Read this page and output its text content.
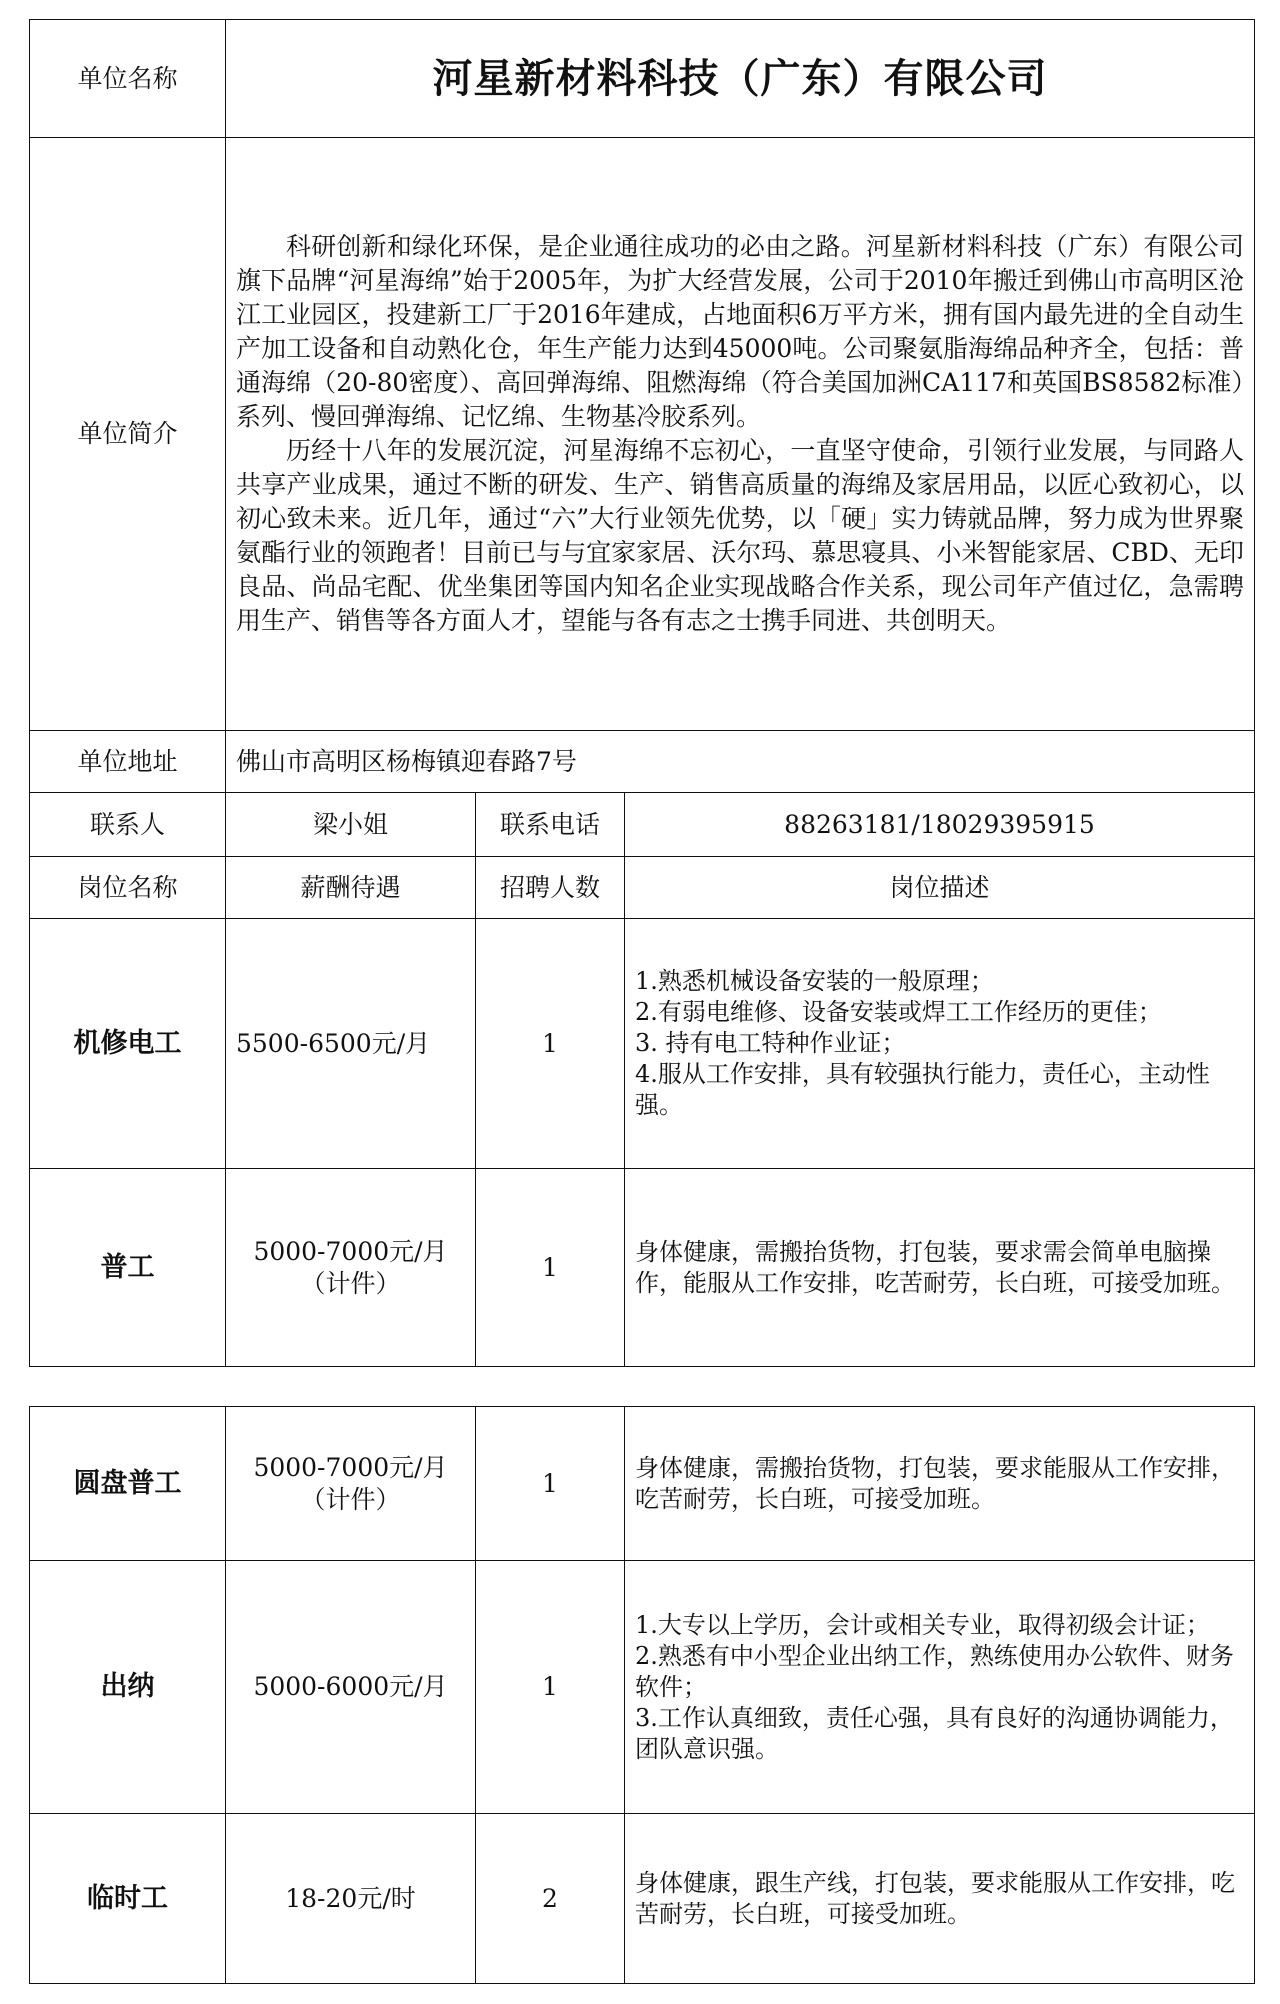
单位名称	河星新材料科技（广东）有限公司		
单位简介	科研创新和绿化环保，是企业通往成功的必由之路。河星新材料科技（广东）有限公司旗下品牌“河星海绵”始于2005年，为扩大经营发展，公司于2010年搬迁到佛山市高明区沧江工业园区，投建新工厂于2016年建成，占地面积6万平方米，拥有国内最先进的全自动生产加工设备和自动熟化仓，年生产能力达到45000吨。公司聚氨脂海绵品种齐全，包括：普通海绵（20-80密度）、高回弹海绵、阻燃海绵（符合美国加洲CA117和英国BS8582标准）系列、慢回弹海绵、记忆绵、生物基冷胶系列。

历经十八年的发展沉淀，河星海绵不忘初心，一直坚守使命，引领行业发展，与同路人共享产业成果，通过不断的研发、生产、销售高质量的海绵及家居用品，以匠心致初心，以初心致未来。近几年，通过“六”大行业领先优势，以「硬」实力铸就品牌，努力成为世界聚氨酯行业的领跑者！目前已与与宜家家居、沃尔玛、慕思寝具、小米智能家居、CBD、无印良品、尚品宅配、优坐集团等国内知名企业实现战略合作关系，现公司年产值过亿，急需聘用生产、销售等各方面人才，望能与各有志之士携手同进、共创明天。		

单位地址	佛山市高明区杨梅镇迎春路7号		
联系人	梁小姐	联系电话	88263181/18029395915
岗位名称	薪酬待遇	招聘人数	岗位描述
机修电工	5500-6500元/月	1	1.熟悉机械设备安装的一般原理；
2.有弱电维修、设备安装或焊工工作经历的更佳；
3. 持有电工特种作业证；
4.服从工作安排，具有较强执行能力，责任心，主动性强。

普工	5000-7000元/月
（计件）	1	身体健康，需搬抬货物，打包装，要求需会简单电脑操作，能服从工作安排，吃苦耐劳，长白班，可接受加班。
圆盘普工	5000-7000元/月
（计件）	1	身体健康，需搬抬货物，打包装，要求能服从工作安排，吃苦耐劳，长白班，可接受加班。

出纳	5000-6000元/月	1	1.大专以上学历，会计或相关专业，取得初级会计证；
2.熟悉有中小型企业出纳工作，熟练使用办公软件、财务软件；
3.工作认真细致，责任心强，具有良好的沟通协调能力，团队意识强。

临时工	18-20元/时	2	身体健康，跟生产线，打包装，要求能服从工作安排，吃苦耐劳，长白班，可接受加班。
